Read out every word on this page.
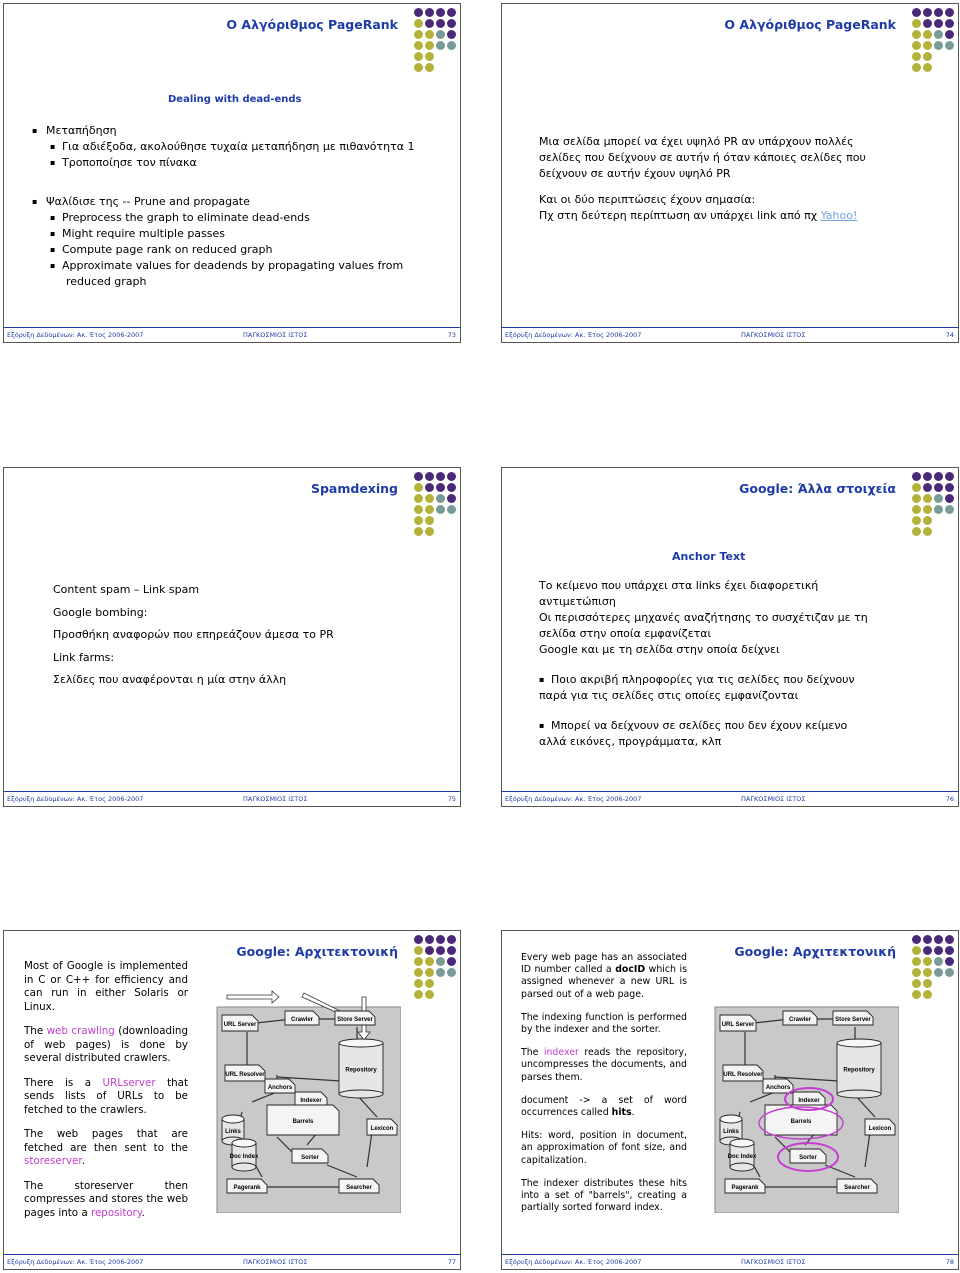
Ο Αλγόριθμος PageRank
Dealing with dead-ends
▪ Μεταπήδηση
▪ Για αδιέξοδα, ακολούθησε τυχαία μεταπήδηση με πιθανότητα 1
▪ Τροποποίησε τον πίνακα
▪ Ψαλίδισε της -- Prune and propagate
▪ Preprocess the graph to eliminate dead-ends
▪ Might require multiple passes
▪ Compute page rank on reduced graph
▪ Approximate values for deadends by propagating values from
reduced graph
Εξόρυξη Δεδομένων: Ακ. Έτος 2006-2007	ΠΑΓΚΟΣΜΙΟΣ ΙΣΤΟΣ	73
Ο Αλγόριθμος PageRank
Μια σελίδα μπορεί να έχει υψηλό PR αν υπάρχουν πολλές
σελίδες που δείχνουν σε αυτήν ή όταν κάποιες σελίδες που
δείχνουν σε αυτήν έχουν υψηλό PR
Και οι δύο περιπτώσεις έχουν σημασία:
Πχ στη δεύτερη περίπτωση αν υπάρχει link από πχ Yahoo!
Εξόρυξη Δεδομένων: Ακ. Έτος 2006-2007	ΠΑΓΚΟΣΜΙΟΣ ΙΣΤΟΣ	74
Spamdexing
Content spam – Link spam
Google bombing:
Προσθήκη αναφορών που επηρεάζουν άμεσα το PR
Link farms:
Σελίδες που αναφέρονται η μία στην άλλη
Εξόρυξη Δεδομένων: Ακ. Έτος 2006-2007	ΠΑΓΚΟΣΜΙΟΣ ΙΣΤΟΣ	75
Google: Άλλα στοιχεία
Anchor Text
Το κείμενο που υπάρχει στα links έχει διαφορετική
αντιμετώπιση
Οι περισσότερες μηχανές αναζήτησης το συσχέτιζαν με τη
σελίδα στην οποία εμφανίζεται
Google και με τη σελίδα στην οποία δείχνει
▪ Ποιο ακριβή πληροφορίες για τις σελίδες που δείχνουν
παρά για τις σελίδες στις οποίες εμφανίζονται
▪ Μπορεί να δείχνουν σε σελίδες που δεν έχουν κείμενο
αλλά εικόνες, προγράμματα, κλπ
Εξόρυξη Δεδομένων: Ακ. Έτος 2006-2007	ΠΑΓΚΟΣΜΙΟΣ ΙΣΤΟΣ	76
Google: Αρχιτεκτονική

Most of Google is implemented in C or C++ for efficiency and can run in either Solaris or Linux.

The web crawling (downloading of web pages) is done by several distributed crawlers.

There is a URLserver that sends lists of URLs to be fetched to the crawlers.

The web pages that are fetched are then sent to the storeserver.

The storeserver then compresses and stores the web pages into a repository.

URL Server
Crawler	Store Server
Anchors
Repository
URL Resolver
Indexer
Barrels
Lexicon
Links
Doc Index	Sorter
Pagerank	Searcher
Εξόρυξη Δεδομένων: Ακ. Έτος 2006-2007	ΠΑΓΚΟΣΜΙΟΣ ΙΣΤΟΣ	77
Google: Αρχιτεκτονική

Every web page has an associated ID number called a docID which is assigned whenever a new URL is parsed out of a web page.

The indexing function is performed by the indexer and the sorter.

The indexer reads the repository, uncompresses the documents, and parses them.

document -> a set of word occurrences called hits.

Hits: word, position in document, an approximation of font size, and capitalization.

The indexer distributes these hits into a set of "barrels", creating a partially sorted forward index.

URL Server
Crawler	Store Server
Anchors
Repository
URL Resolver
Indexer
Barrels
Lexicon
Links
Doc Index	Sorter
Pagerank	Searcher
Εξόρυξη Δεδομένων: Ακ. Έτος 2006-2007	ΠΑΓΚΟΣΜΙΟΣ ΙΣΤΟΣ	78
